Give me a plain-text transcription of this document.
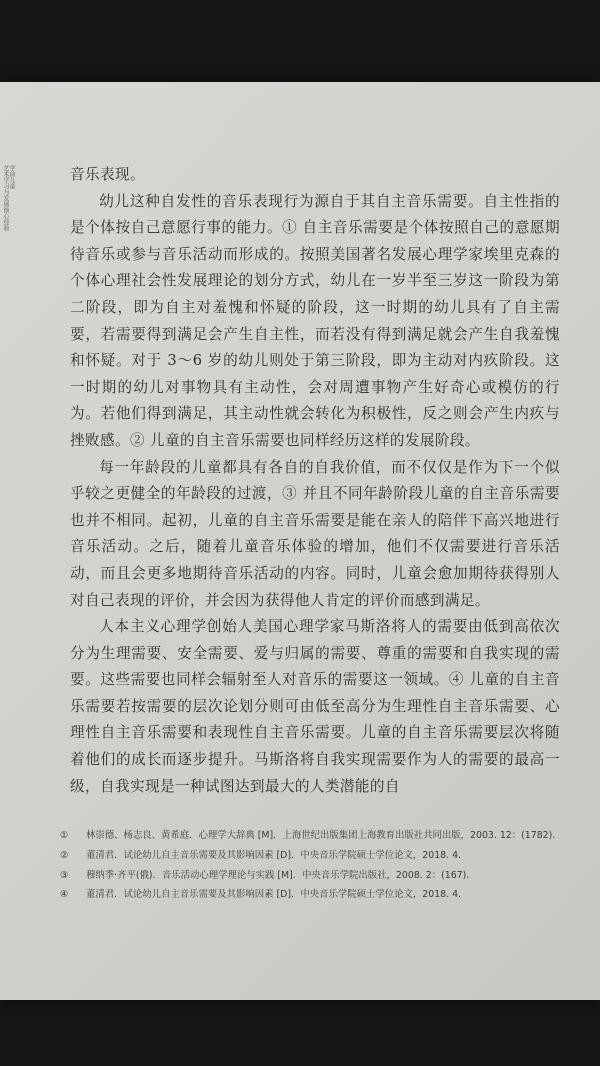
学前儿童
艺术学习与发展核心经验	音乐表现。

幼儿这种自发性的音乐表现行为源自于其自主音乐需要。自主性指的是个体按自己意愿行事的能力。① 自主音乐需要是个体按照自己的意愿期待音乐或参与音乐活动而形成的。按照美国著名发展心理学家埃里克森的个体心理社会性发展理论的划分方式，幼儿在一岁半至三岁这一阶段为第二阶段，即为自主对羞愧和怀疑的阶段，这一时期的幼儿具有了自主需要，若需要得到满足会产生自主性，而若没有得到满足就会产生自我羞愧和怀疑。对于 3～6 岁的幼儿则处于第三阶段，即为主动对内疚阶段。这一时期的幼儿对事物具有主动性，会对周遭事物产生好奇心或模仿的行为。若他们得到满足，其主动性就会转化为积极性，反之则会产生内疚与挫败感。② 儿童的自主音乐需要也同样经历这样的发展阶段。

每一年龄段的儿童都具有各自的自我价值，而不仅仅是作为下一个似乎较之更健全的年龄段的过渡，③ 并且不同年龄阶段儿童的自主音乐需要也并不相同。起初，儿童的自主音乐需要是能在亲人的陪伴下高兴地进行音乐活动。之后，随着儿童音乐体验的增加，他们不仅需要进行音乐活动，而且会更多地期待音乐活动的内容。同时，儿童会愈加期待获得别人对自己表现的评价，并会因为获得他人肯定的评价而感到满足。

人本主义心理学创始人美国心理学家马斯洛将人的需要由低到高依次分为生理需要、安全需要、爱与归属的需要、尊重的需要和自我实现的需要。这些需要也同样会辐射至人对音乐的需要这一领域。④ 儿童的自主音乐需要若按需要的层次论划分则可由低至高分为生理性自主音乐需要、心理性自主音乐需要和表现性自主音乐需要。儿童的自主音乐需要层次将随着他们的成长而逐步提升。马斯洛将自我实现需要作为人的需要的最高一级，自我实现是一种试图达到最大的人类潜能的自

①	林崇德、杨志良、黄希庭．心理学大辞典 [M]．上海世纪出版集团上海教育出版社共同出版，2003. 12：(1782).
②	董清君．试论幼儿自主音乐需要及其影响因素 [D]．中央音乐学院硕士学位论文，2018. 4.
③	穆纳季·齐平(俄)．音乐活动心理学理论与实践 [M]．中央音乐学院出版社，2008. 2：(167).
④	董清君．试论幼儿自主音乐需要及其影响因素 [D]．中央音乐学院硕士学位论文，2018. 4.
